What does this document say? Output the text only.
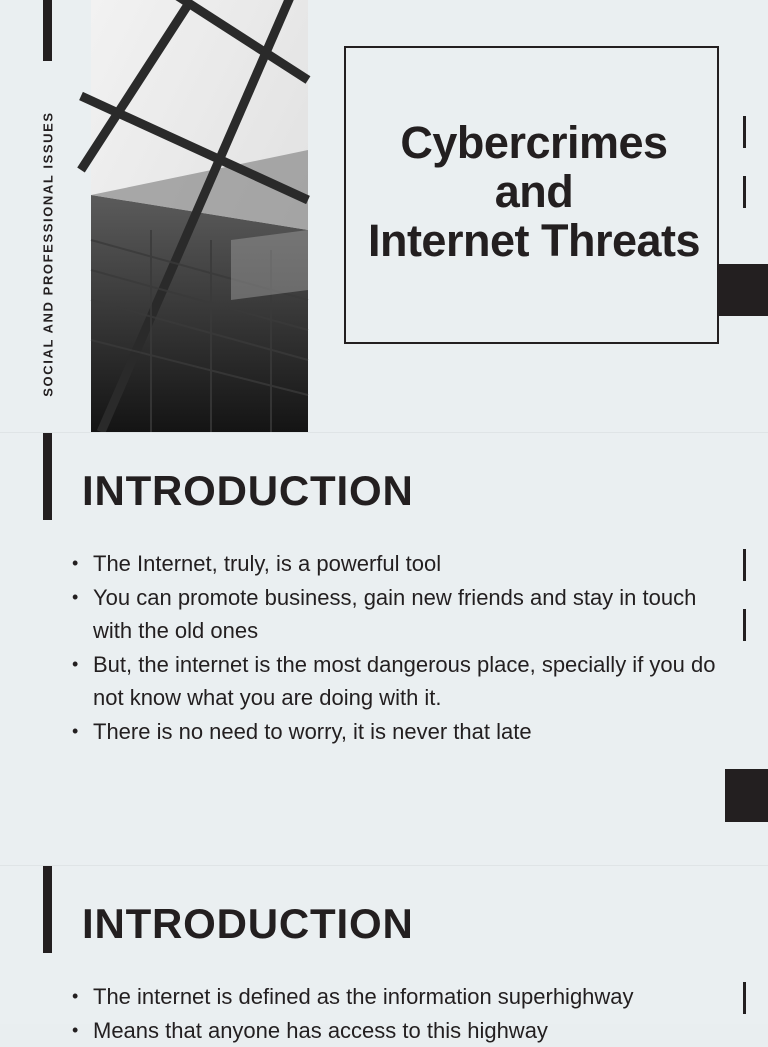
SOCIAL AND PROFESSIONAL ISSUES	Cybercrimes
and
Internet Threats
INTRODUCTION
• The Internet, truly, is a powerful tool
• You can promote business, gain new friends and stay in touch with the old ones
• But, the internet is the most dangerous place, specially if you do not know what you are doing with it.
• There is no need to worry, it is never that late
INTRODUCTION
• The internet is defined as the information superhighway
• Means that anyone has access to this highway
